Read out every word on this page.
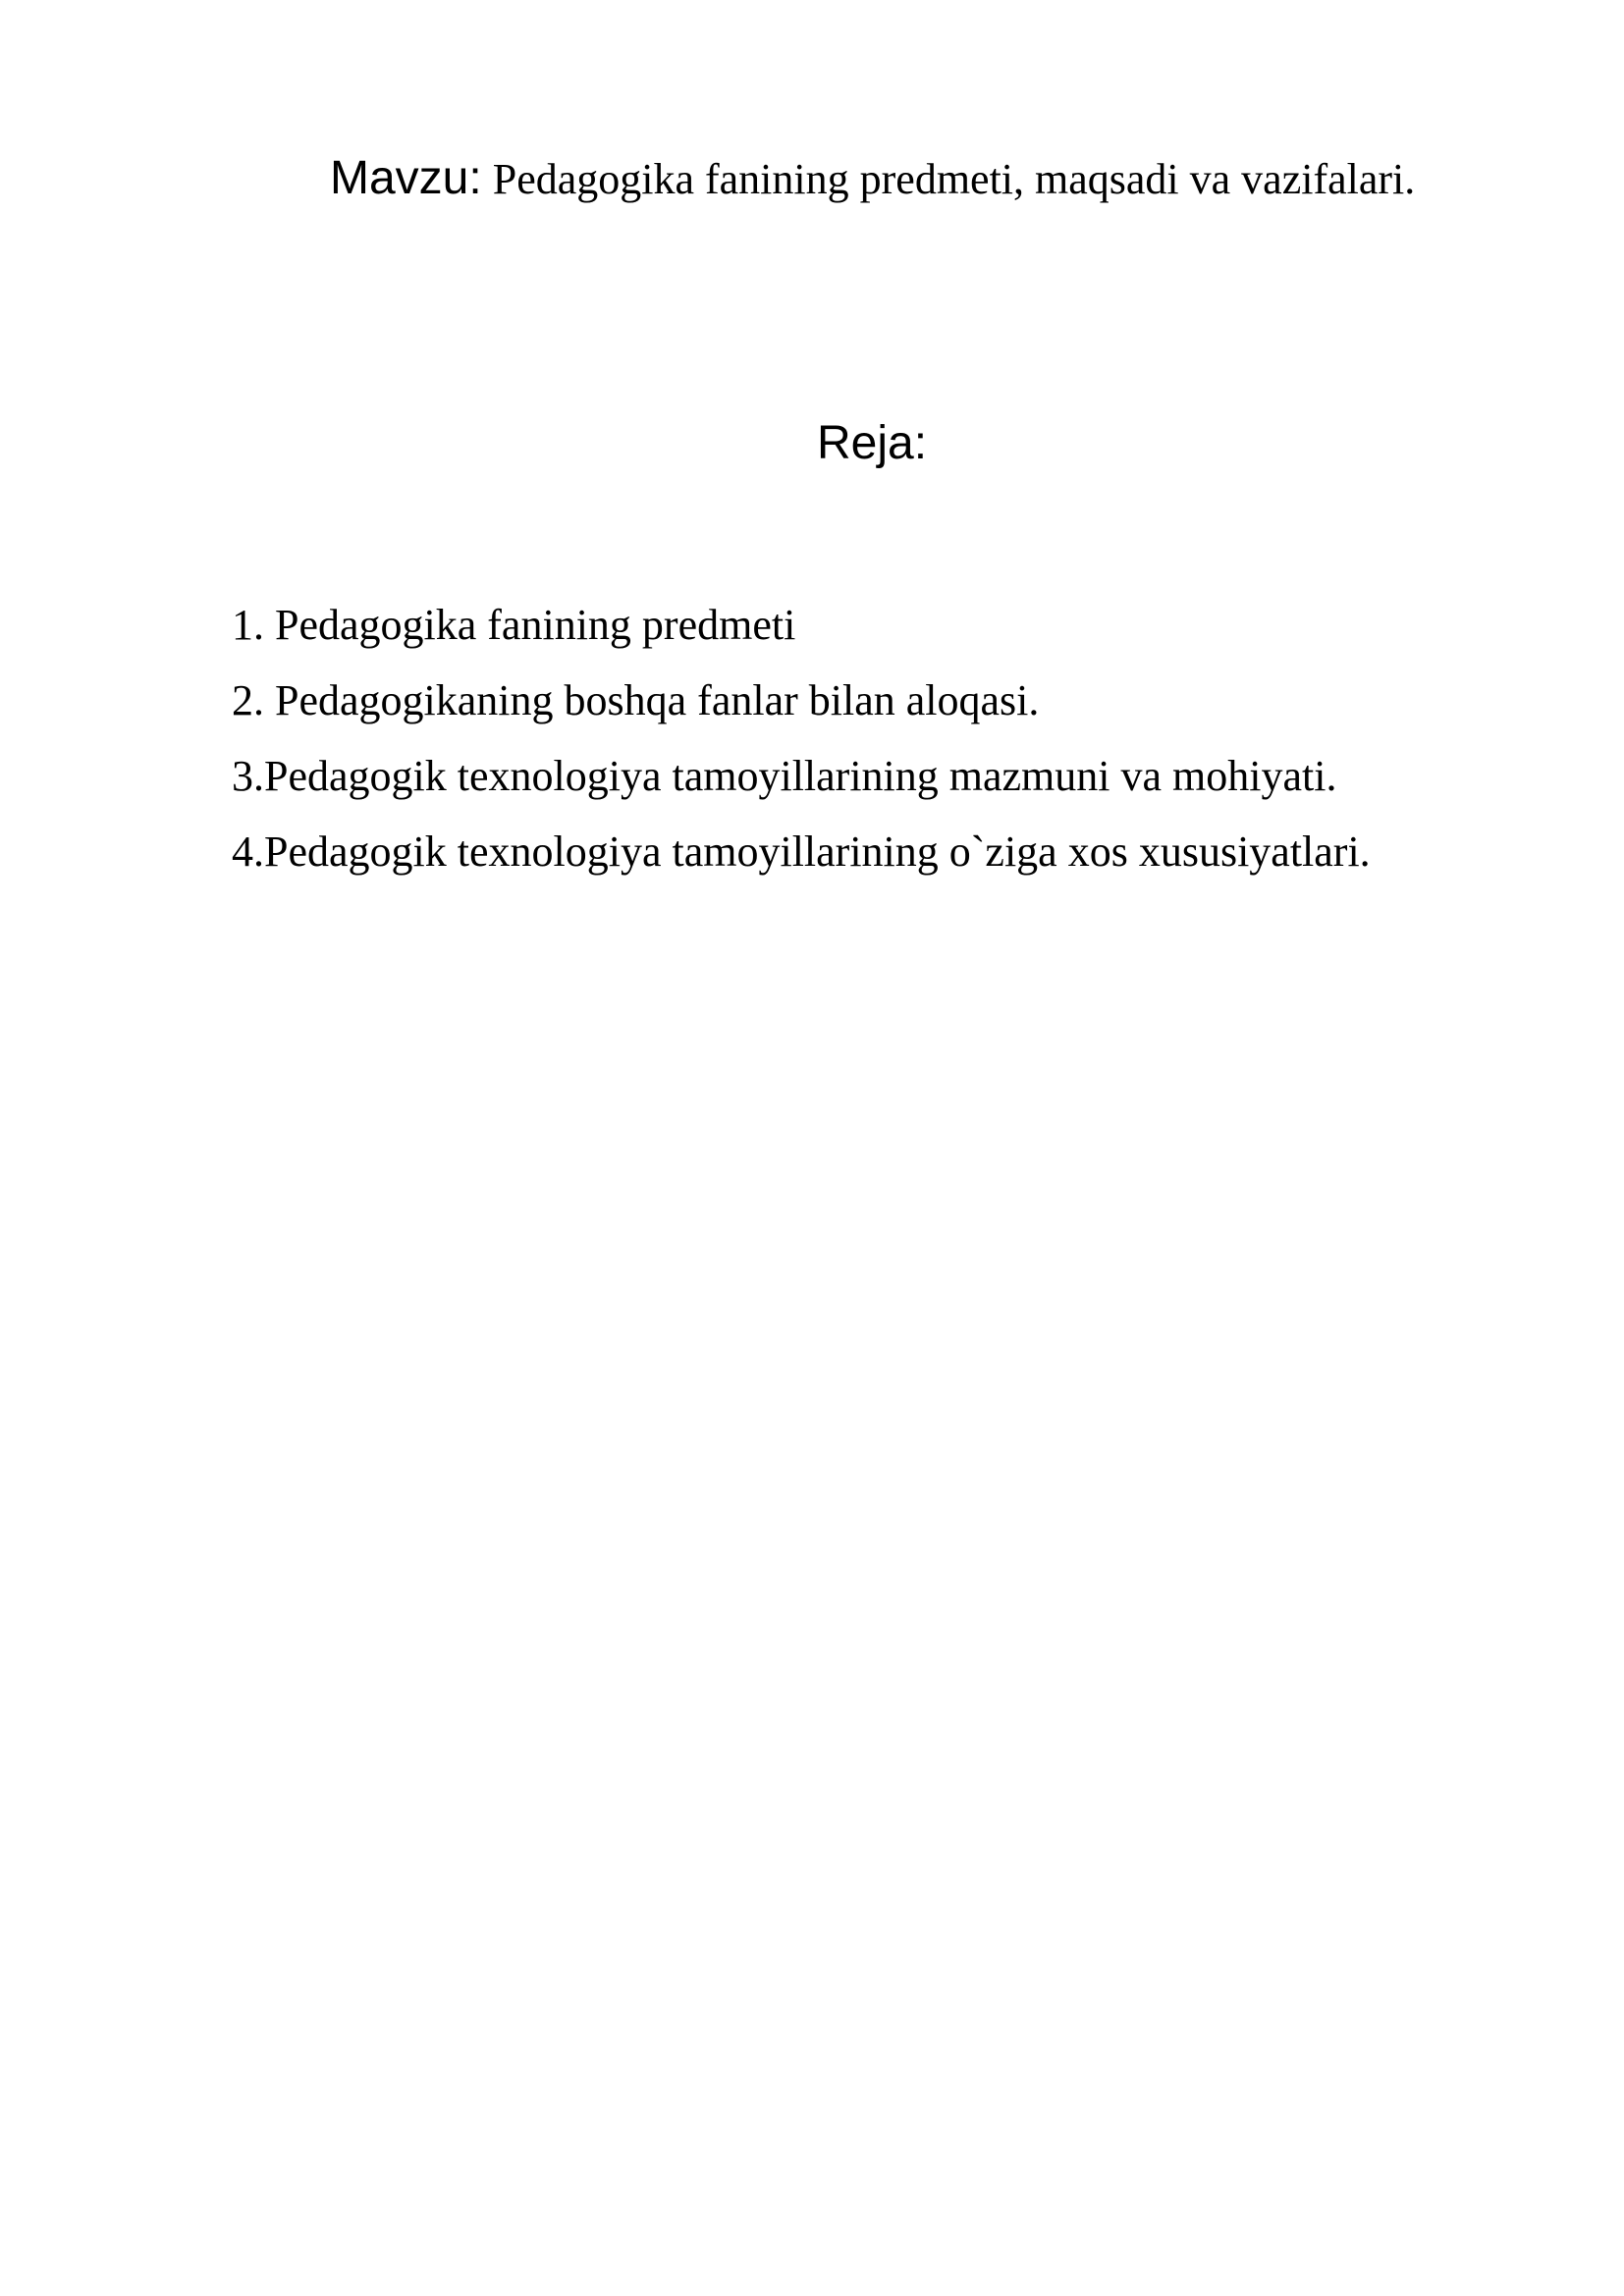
Mavzu: Pedagogika fanining predmeti, maqsadi va vazifalari.
Reja:
1. Pedagogika fanining predmeti
2. Pedagogikaning boshqa fanlar bilan aloqasi.
3.Pedagogik texnologiya tamoyillarining mazmuni va mohiyati.
4.Pedagogik texnologiya tamoyillarining o`ziga xos xususiyatlari.
